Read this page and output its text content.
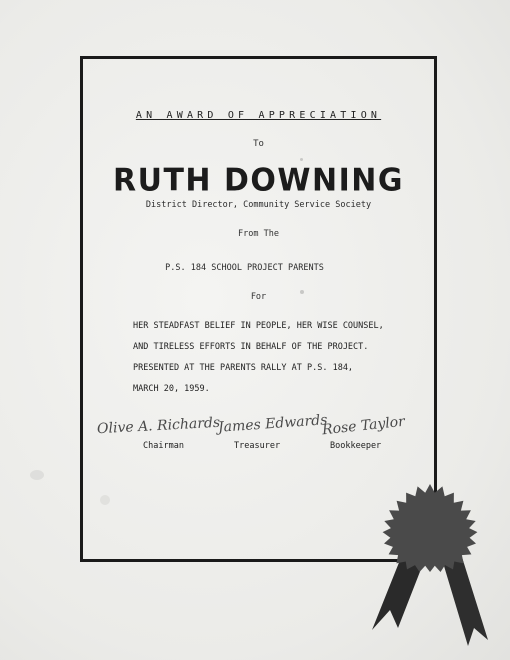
AN AWARD OF APPRECIATION
To
RUTH DOWNING
District Director, Community Service Society
From The
P.S. 184 SCHOOL PROJECT PARENTS
For
HER STEADFAST BELIEF IN PEOPLE, HER WISE COUNSEL,
AND TIRELESS EFFORTS IN BEHALF OF THE PROJECT.
PRESENTED AT THE PARENTS RALLY AT P.S. 184,
MARCH 20, 1959.
Olive A. Richards
James Edwards
Rose Taylor
Chairman	Treasurer	Bookkeeper
